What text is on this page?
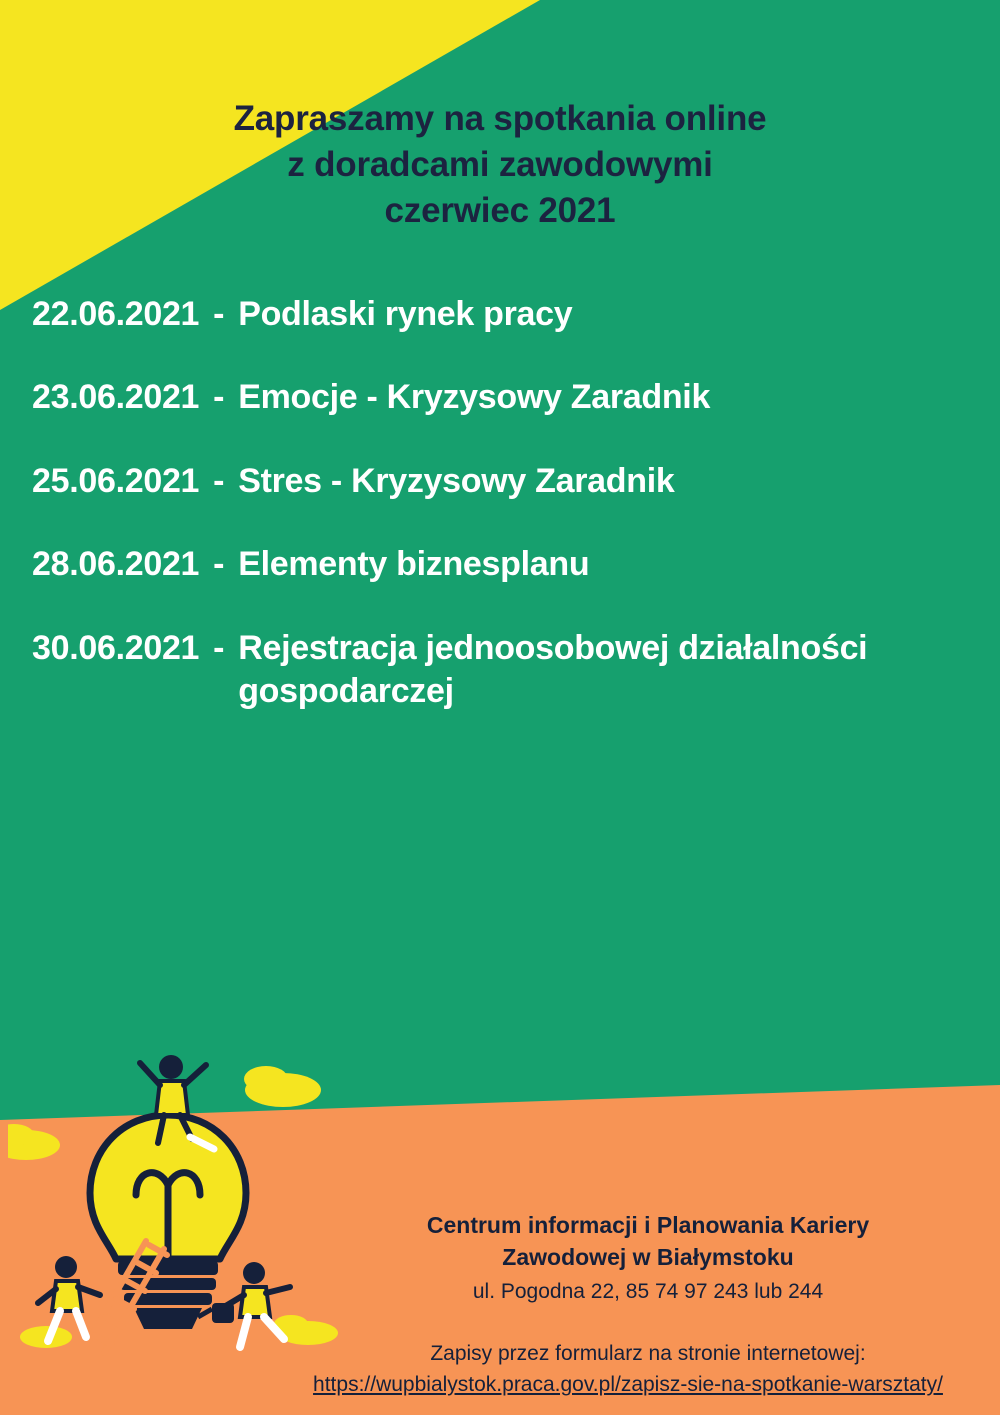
Zapraszamy na spotkania online
z doradcami zawodowymi
czerwiec 2021
22.06.2021 - Podlaski rynek pracy
23.06.2021 - Emocje - Kryzysowy Zaradnik
25.06.2021 - Stres - Kryzysowy Zaradnik
28.06.2021 - Elementy biznesplanu
30.06.2021 - Rejestracja jednoosobowej działalności gospodarczej
Centrum informacji i Planowania Kariery
Zawodowej w Białymstoku
ul. Pogodna 22, 85 74 97 243 lub 244
Zapisy przez formularz na stronie internetowej:
https://wupbialystok.praca.gov.pl/zapisz-sie-na-spotkanie-warsztaty/
